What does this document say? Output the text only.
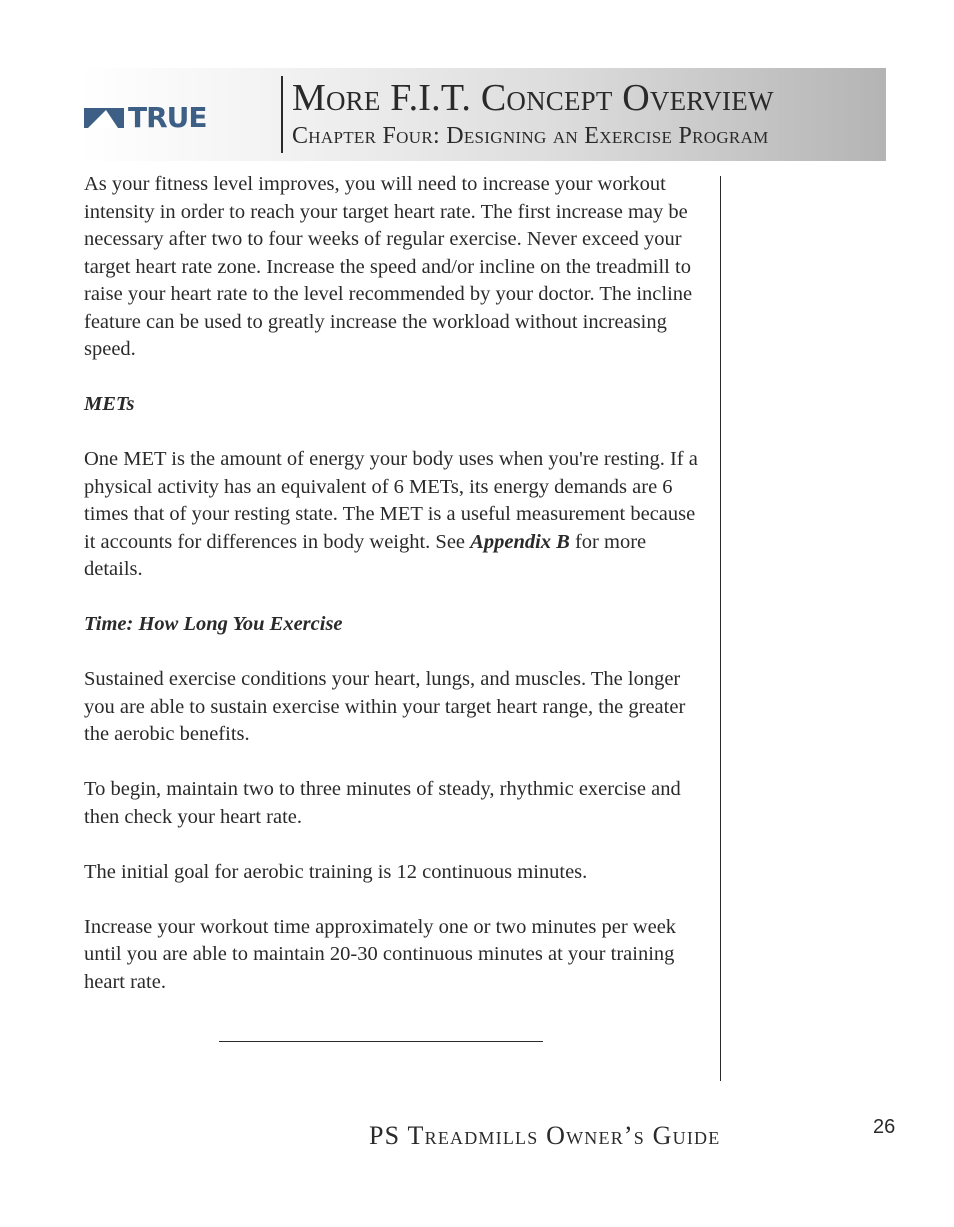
TRUE More F.I.T. Concept Overview
Chapter Four: Designing an Exercise Program

As your fitness level improves, you will need to increase your workout intensity in order to reach your target heart rate. The first increase may be necessary after two to four weeks of regular exercise. Never exceed your target heart rate zone. Increase the speed and/or incline on the treadmill to raise your heart rate to the level recommended by your doctor. The incline feature can be used to greatly increase the workload without increasing speed.

METs

One MET is the amount of energy your body uses when you're resting. If a physical activity has an equivalent of 6 METs, its energy demands are 6 times that of your resting state. The MET is a useful measurement because it accounts for differences in body weight. See Appendix B for more details.

Time: How Long You Exercise

Sustained exercise conditions your heart, lungs, and muscles. The longer you are able to sustain exercise within your target heart range, the greater the aerobic benefits.

To begin, maintain two to three minutes of steady, rhythmic exercise and then check your heart rate.

The initial goal for aerobic training is 12 continuous minutes.

Increase your workout time approximately one or two minutes per week until you are able to maintain 20-30 continuous minutes at your training heart rate.

PS Treadmills Owner’s Guide	26
